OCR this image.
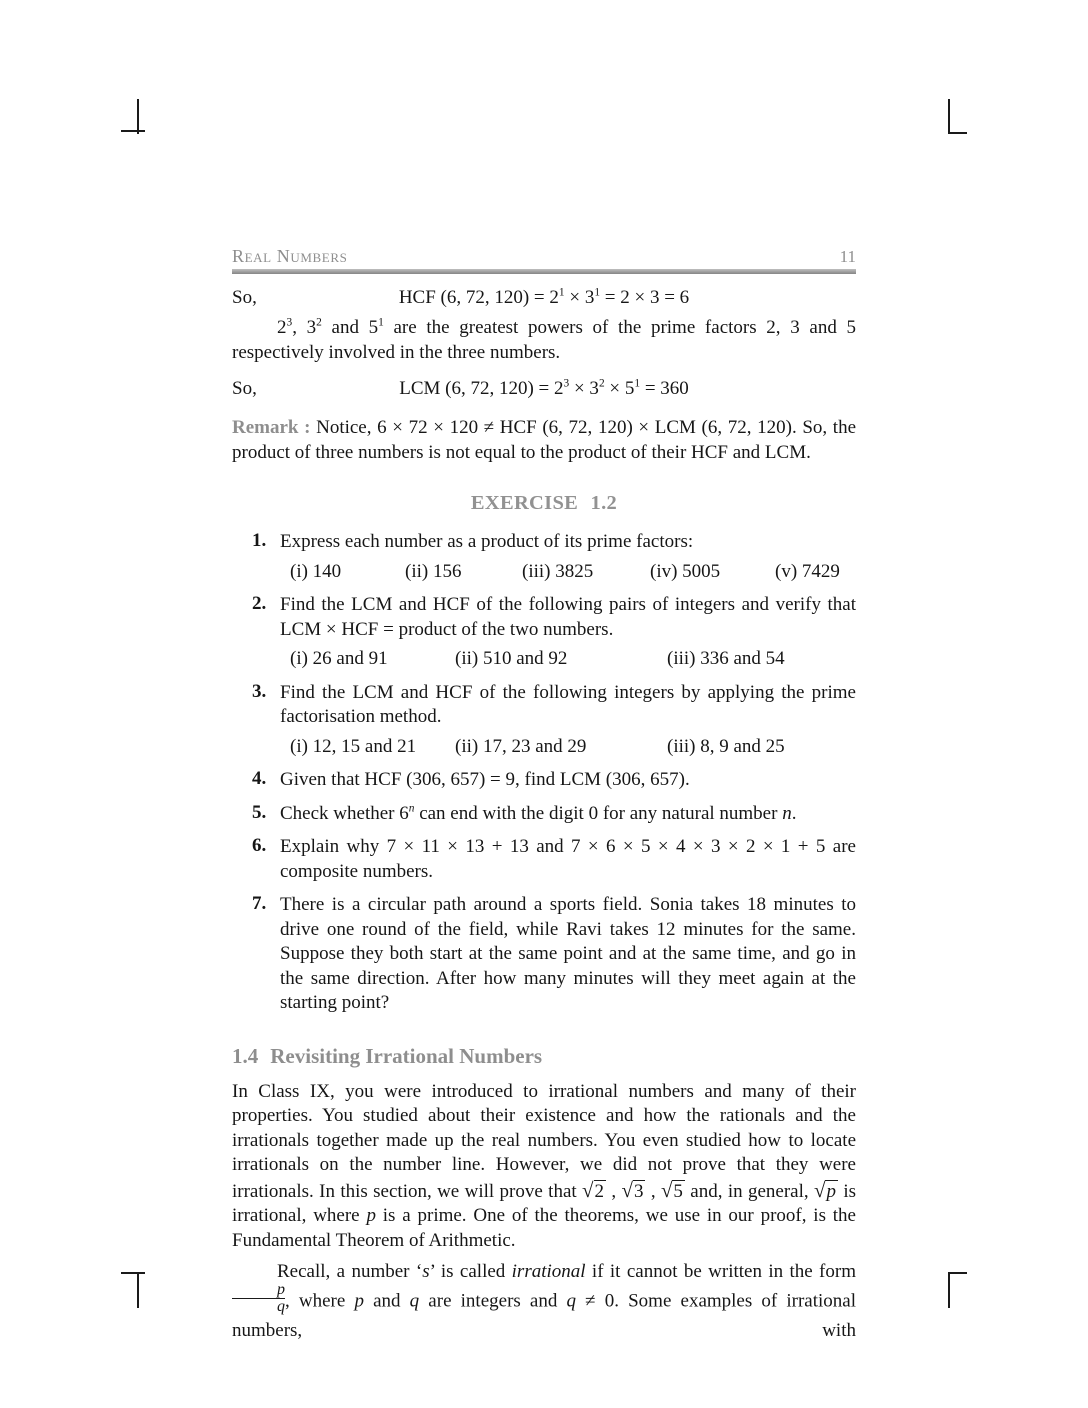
Real Numbers	11
So,	HCF (6, 72, $120) = 2^1 \times 3^1 = 2 \times 3 = 6$

$2^3$, $3^2$ and $5^1$ are the greatest powers of the prime factors 2, 3 and 5 respectively involved in the three numbers.

So,	LCM (6, 72, $120) = 2^3 \times 3^2 \times 5^1 = 360$

Remark : Notice, 6 × 72 × 120 ≠ HCF (6, 72, 120) × LCM (6, 72, 120). So, the product of three numbers is not equal to the product of their HCF and LCM.

EXERCISE 1.2
1. Express each number as a product of its prime factors:
(i) 140	(ii) 156	(iii) 3825	(iv) 5005	(v) 7429
2. Find the LCM and HCF of the following pairs of integers and verify that LCM × HCF = product of the two numbers.
(i) 26 and 91	(ii) 510 and 92	(iii) 336 and 54
3. Find the LCM and HCF of the following integers by applying the prime factorisation method.
(i) 12, 15 and 21	(ii) 17, 23 and 29	(iii) 8, 9 and 25
4. Given that HCF (306, 657) = 9, find LCM (306, 657).
5. Check whether 6$^n$ can end with the digit 0 for any natural number n.
6. Explain why 7 × 11 × 13 + 13 and 7 × 6 × 5 × 4 × 3 × 2 × 1 + 5 are composite numbers.
7. There is a circular path around a sports field. Sonia takes 18 minutes to drive one round of the field, while Ravi takes 12 minutes for the same. Suppose they both start at the same point and at the same time, and go in the same direction. After how many minutes will they meet again at the starting point?
1.4 Revisiting Irrational Numbers

In Class IX, you were introduced to irrational numbers and many of their properties. You studied about their existence and how the rationals and the irrationals together made up the real numbers. You even studied how to locate irrationals on the number line. However, we did not prove that they were irrationals. In this section, we will prove that √2 , √3 , √5 and, in general, √p is irrational, where p is a prime. One of the theorems, we use in our proof, is the Fundamental Theorem of Arithmetic.

Recall, a number ‘s’ is called irrational if it cannot be written in the form
$\frac{p}{q}$ , where p and q are integers and q ≠ 0. Some examples of irrational numbers, with
